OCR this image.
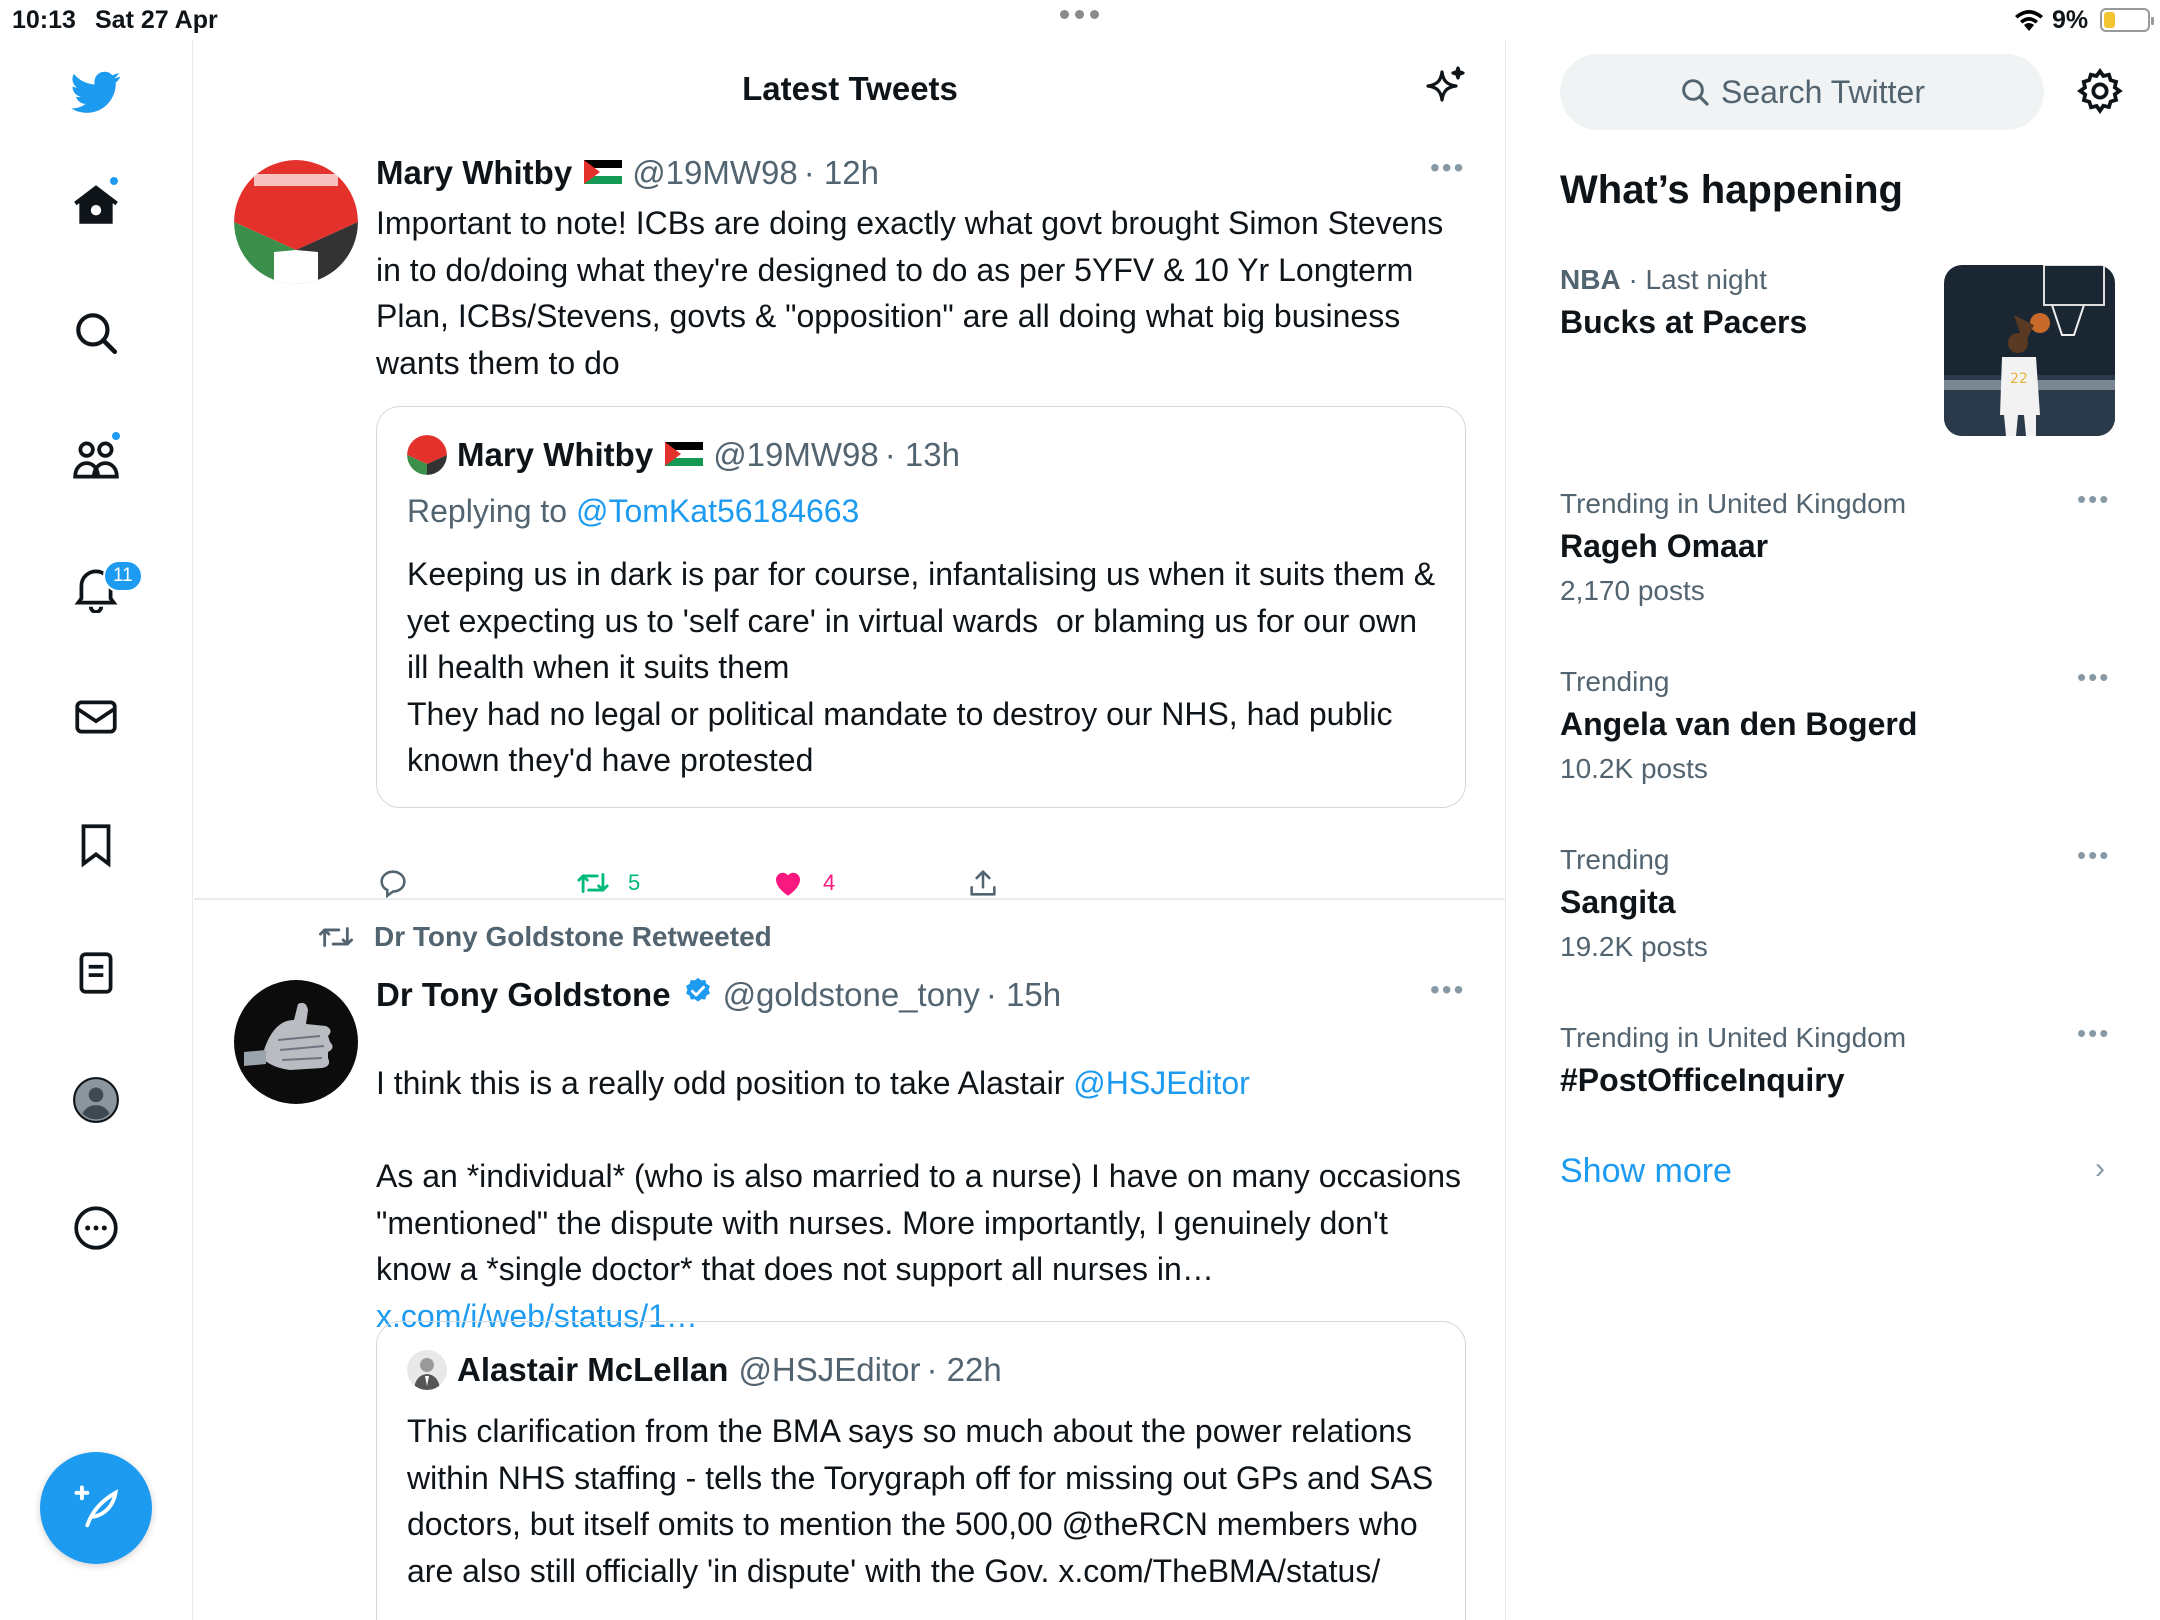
10:13 Sat 27 Apr	9%
11
Latest Tweets
Mary Whitby @19MW98 · 12h	•••
Important to note! ICBs are doing exactly what govt brought Simon Stevens in to do/doing what they're designed to do as per 5YFV & 10 Yr Longterm Plan, ICBs/Stevens, govts & "opposition" are all doing what big business wants them to do
Mary Whitby @19MW98 · 13h
Replying to @TomKat56184663
Keeping us in dark is par for course, infantalising us when it suits them & yet expecting us to 'self care' in virtual wards  or blaming us for our own ill health when it suits them
They had no legal or political mandate to destroy our NHS, had public known they'd have protested
5	4
Dr Tony Goldstone Retweeted
Dr Tony Goldstone @goldstone_tony · 15h	•••
I think this is a really odd position to take Alastair @HSJEditor
As an *individual* (who is also married to a nurse) I have on many occasions "mentioned" the dispute with nurses. More importantly, I genuinely don't know a *single doctor* that does not support all nurses in… x.com/i/web/status/1…
Alastair McLellan @HSJEditor · 22h
This clarification from the BMA says so much about the power relations within NHS staffing - tells the Torygraph off for missing out GPs and SAS doctors, but itself omits to mention the 500,00 @theRCN members who are also still officially 'in dispute' with the Gov. x.com/TheBMA/status/
Search Twitter
What’s happening
NBA · Last night
Bucks at Pacers
22
Trending in United Kingdom
Rageh Omaar
2,170 posts
•••
Trending
Angela van den Bogerd
10.2K posts
•••
Trending
Sangita
19.2K posts
•••
Trending in United Kingdom
#PostOfficeInquiry
•••
Show more	›
